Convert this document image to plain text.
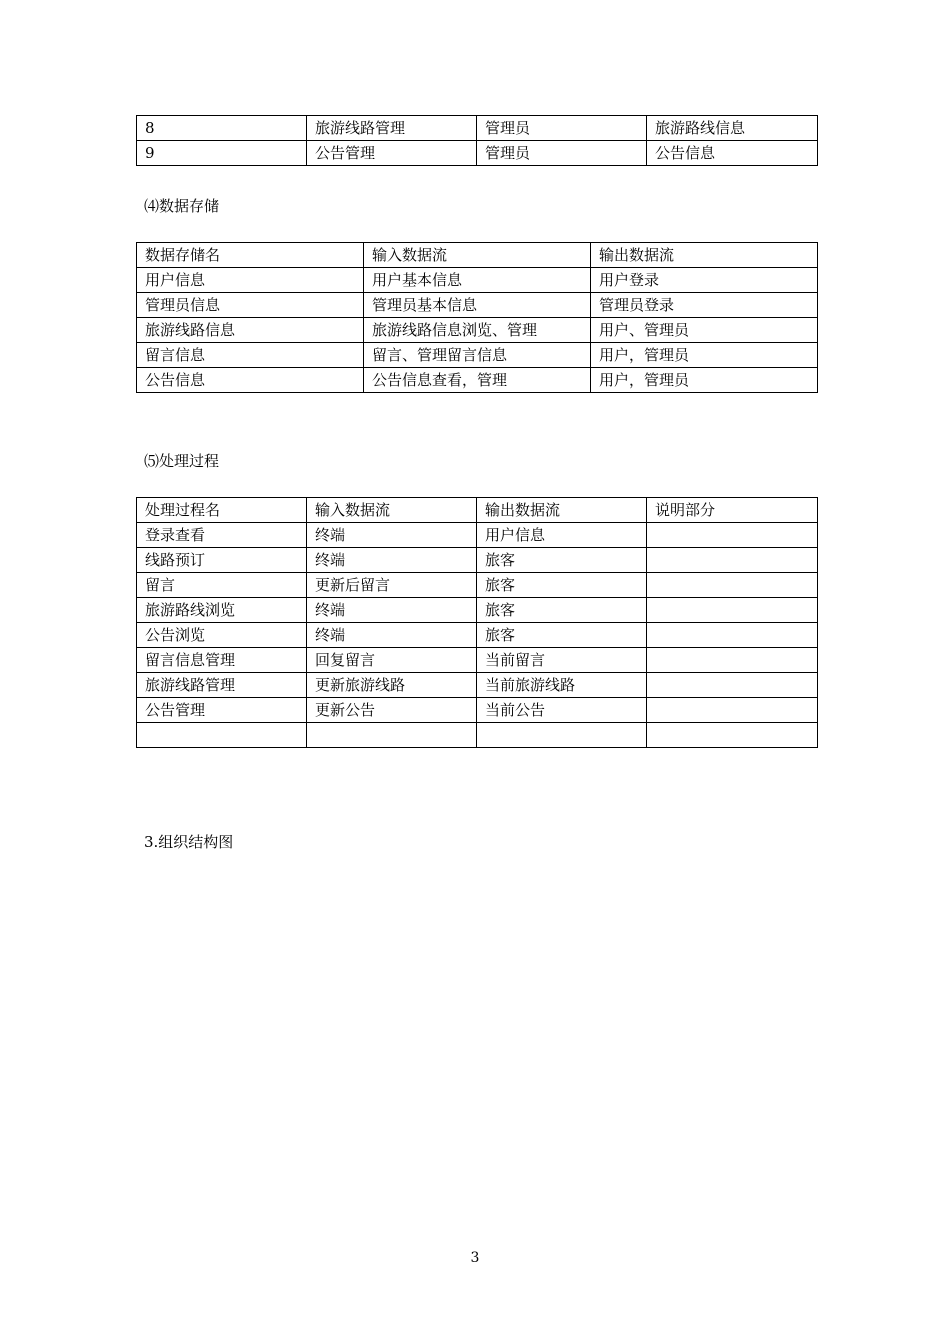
8	旅游线路管理	管理员	旅游路线信息
9	公告管理	管理员	公告信息
⑷数据存储
数据存储名	输入数据流	输出数据流
用户信息	用户基本信息	用户登录
管理员信息	管理员基本信息	管理员登录
旅游线路信息	旅游线路信息浏览、管理	用户、管理员
留言信息	留言、管理留言信息	用户，管理员
公告信息	公告信息查看，管理	用户，管理员
⑸处理过程
处理过程名	输入数据流	输出数据流	说明部分
登录查看	终端	用户信息	
线路预订	终端	旅客	
留言	更新后留言	旅客	
旅游路线浏览	终端	旅客	
公告浏览	终端	旅客	
留言信息管理	回复留言	当前留言	
旅游线路管理	更新旅游线路	当前旅游线路	
公告管理	更新公告	当前公告	

3.组织结构图
3
